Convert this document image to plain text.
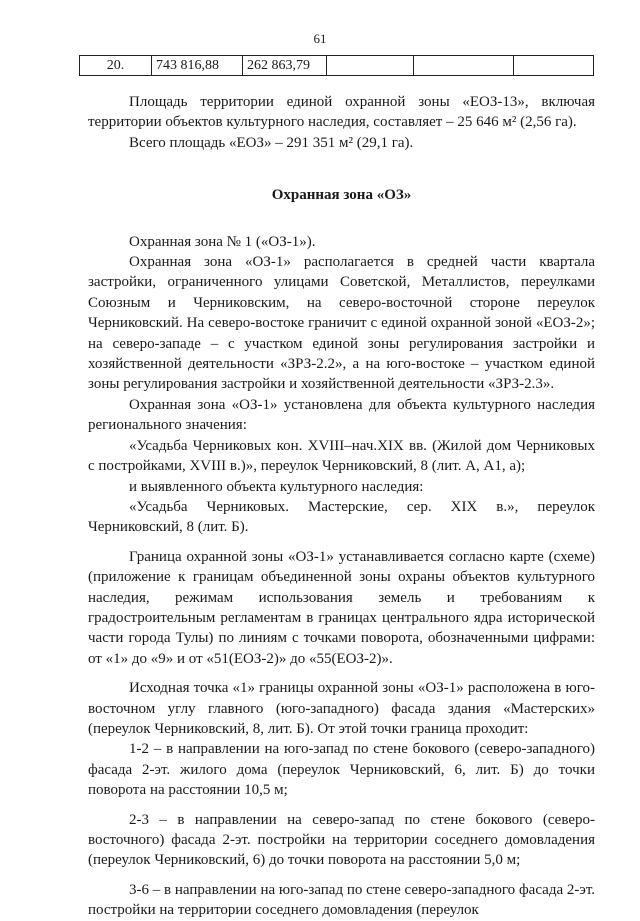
61
20.	743 816,88	262 863,79			

Площадь территории единой охранной зоны «ЕОЗ-13», включая территории объектов культурного наследия, составляет – 25 646 м² (2,56 га).

Всего площадь «ЕОЗ» – 291 351 м² (29,1 га).

Охранная зона «ОЗ»

Охранная зона № 1 («ОЗ-1»).

Охранная зона «ОЗ-1» располагается в средней части квартала застройки, ограниченного улицами Советской, Металлистов, переулками Союзным и Черниковским, на северо-восточной стороне переулок Черниковский. На северо-востоке граничит с единой охранной зоной «ЕОЗ-2»; на северо-западе – с участком единой зоны регулирования застройки и хозяйственной деятельности «ЗРЗ-2.2», а на юго-востоке – участком единой зоны регулирования застройки и хозяйственной деятельности «ЗРЗ-2.3».

Охранная зона «ОЗ-1» установлена для объекта культурного наследия регионального значения:

«Усадьба Черниковых кон. XVIII–нач.XIX вв. (Жилой дом Черниковых с постройками, XVIII в.)», переулок Черниковский, 8 (лит. А, А1, а);

и выявленного объекта культурного наследия:

«Усадьба Черниковых. Мастерские, сер. XIX в.», переулок Черниковский, 8 (лит. Б).

Граница охранной зоны «ОЗ-1» устанавливается согласно карте (схеме) (приложение к границам объединенной зоны охраны объектов культурного наследия, режимам использования земель и требованиям к градостроительным регламентам в границах центрального ядра исторической части города Тулы) по линиям с точками поворота, обозначенными цифрами: от «1» до «9» и от «51(ЕОЗ-2)» до «55(ЕОЗ-2)».

Исходная точка «1» границы охранной зоны «ОЗ-1» расположена в юго-восточном углу главного (юго-западного) фасада здания «Мастерских» (переулок Черниковский, 8, лит. Б). От этой точки граница проходит:

1-2 – в направлении на юго-запад по стене бокового (северо-западного) фасада 2-эт. жилого дома (переулок Черниковский, 6, лит. Б) до точки поворота на расстоянии 10,5 м;

2-3 – в направлении на северо-запад по стене бокового (северо-восточного) фасада 2-эт. постройки на территории соседнего домовладения (переулок Черниковский, 6) до точки поворота на расстоянии 5,0 м;

3-6 – в направлении на юго-запад по стене северо-западного фасада 2-эт. постройки на территории соседнего домовладения (переулок
